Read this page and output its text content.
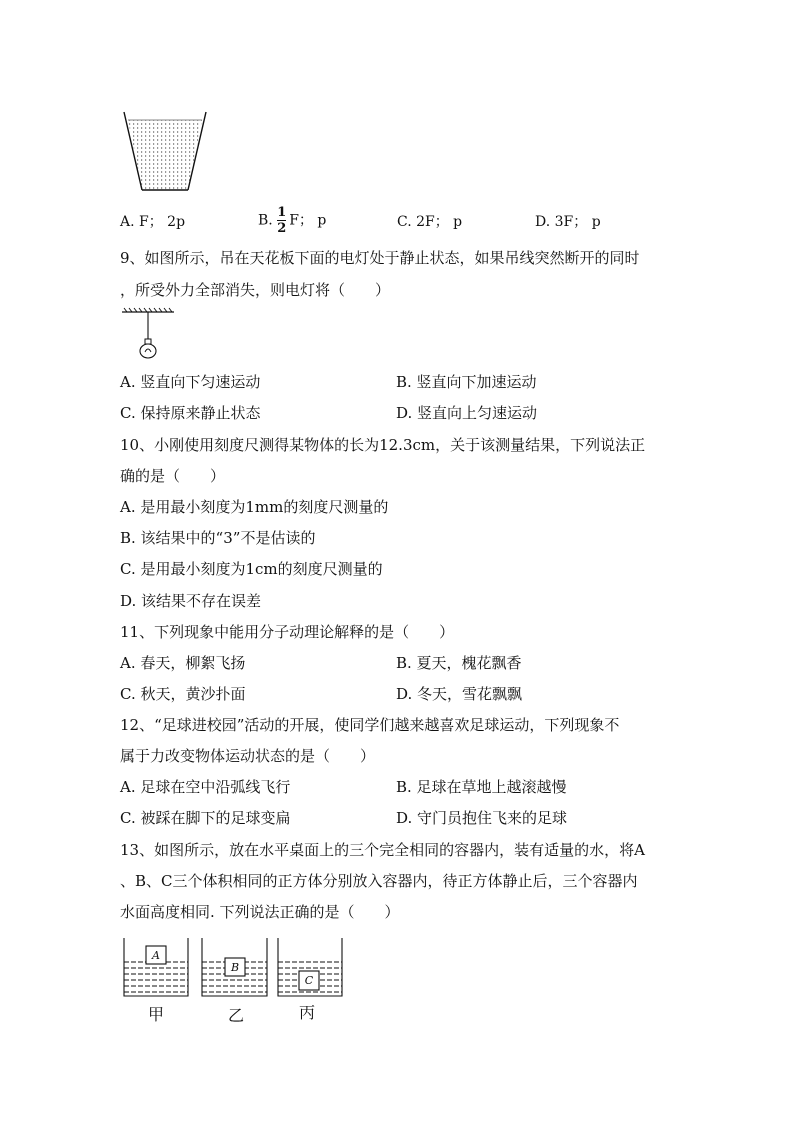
A. F； 2p	B. $\frac{1}{2}$ F； p	C. 2F； p	D. 3F； p
9、如图所示，吊在天花板下面的电灯处于静止状态，如果吊线突然断开的同时
，所受外力全部消失，则电灯将（　　）
A. 竖直向下匀速运动	B. 竖直向下加速运动
C. 保持原来静止状态	D. 竖直向上匀速运动
10、小刚使用刻度尺测得某物体的长为12.3cm，关于该测量结果，下列说法正
确的是（　　）
A. 是用最小刻度为1mm的刻度尺测量的
B. 该结果中的“3”不是估读的
C. 是用最小刻度为1cm的刻度尺测量的
D. 该结果不存在误差
11、下列现象中能用分子动理论解释的是（　　）
A. 春天，柳絮飞扬	B. 夏天，槐花飘香
C. 秋天，黄沙扑面	D. 冬天，雪花飘飘
12、“足球进校园”活动的开展，使同学们越来越喜欢足球运动，下列现象不
属于力改变物体运动状态的是（　　）
A. 足球在空中沿弧线飞行	B. 足球在草地上越滚越慢
C. 被踩在脚下的足球变扁	D. 守门员抱住飞来的足球
13、如图所示，放在水平桌面上的三个完全相同的容器内，装有适量的水，将A
、B、C三个体积相同的正方体分别放入容器内，待正方体静止后，三个容器内
水面高度相同. 下列说法正确的是（　　）
A
B
C
甲	乙	丙
